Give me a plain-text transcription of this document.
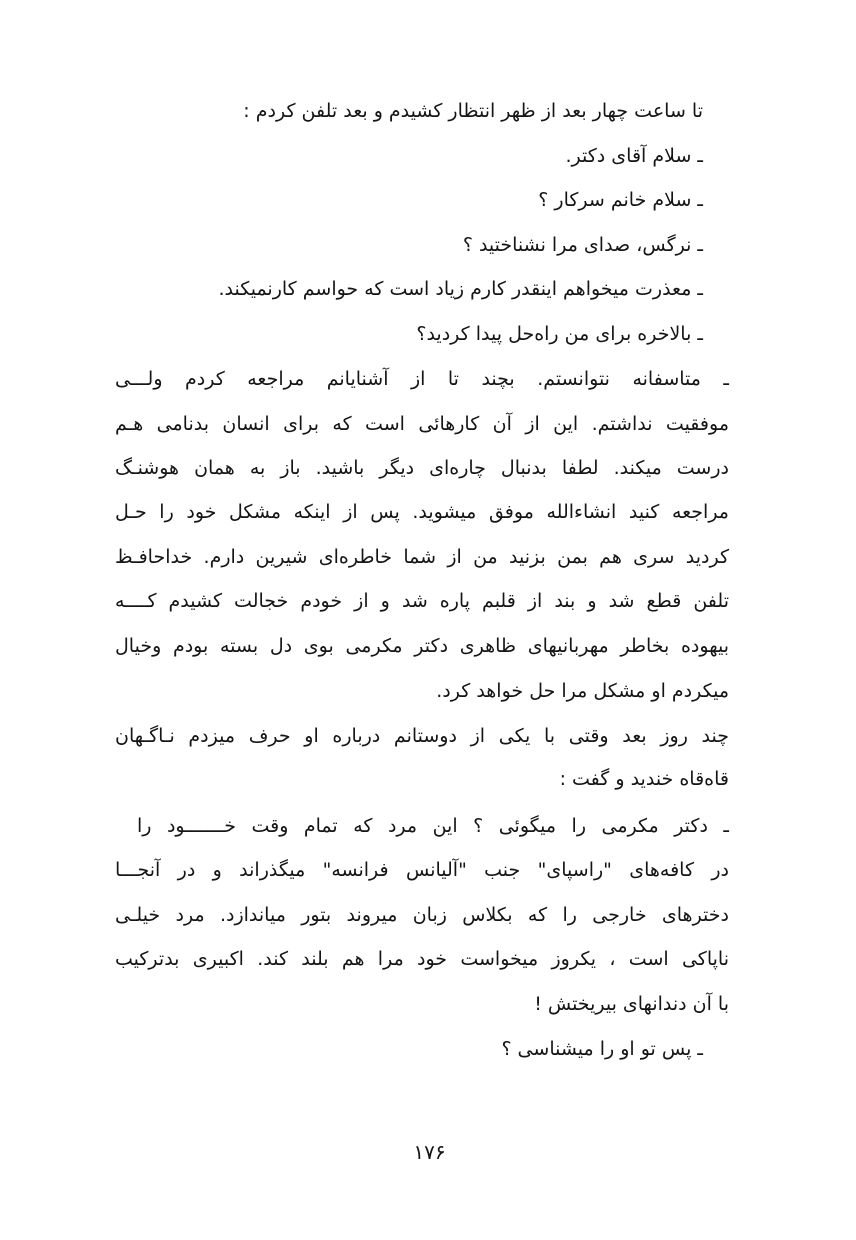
تا ساعت چهار بعد از ظهر انتظار کشیدم و بعد تلفن کردم :
ـ سلام آقای دکتر.
ـ سلام خانم سرکار ؟
ـ نرگس، صدای مرا نشناختید ؟
ـ معذرت میخواهم اینقدر کارم زیاد است که حواسم کارنمیکند.
ـ بالاخره برای من راه‌حل پیدا کردید؟
ـ متاسفانه نتوانستم. بچند تا از آشنایانم مراجعه کردم ولـــی
موفقیت نداشتم. این از آن کارهائی است که برای انسان بدنامی هـم
درست میکند. لطفا بدنبال چاره‌ای دیگر باشید. باز به همان هوشنـگ
مراجعه کنید انشاءالله موفق میشوید. پس از اینکه مشکل خود را حـل
کردید سری هم بمن بزنید من از شما خاطره‌ای شیرین دارم. خداحافـظ
تلفن قطع شد و بند از قلبم پاره شد و از خودم خجالت کشیدم کــــه
بیهوده بخاطر مهربانیهای ظاهری دکتر مکرمی بوی دل بسته بودم وخیال
میکردم او مشکل مرا حل خواهد کرد.
چند روز بعد وقتی با یکی از دوستانم درباره او حرف میزدم نـاگـهان
قاه‌قاه خندید و گفت :
ـ دکتر مکرمی را میگوئی ؟ این مرد که تمام وقت خـــــــود را
در کافه‌های "راسپای" جنب "آلیانس فرانسه" میگذراند و در آنجـــا
دخترهای خارجی را که بکلاس زبان میروند بتور میاندازد. مرد خیلـی
ناپاکی است ، یکروز میخواست خود مرا هم بلند کند. اکبیری بدترکیب
با آن دندانهای بیریختش !
ـ پس تو او را میشناسی ؟
۱۷۶
